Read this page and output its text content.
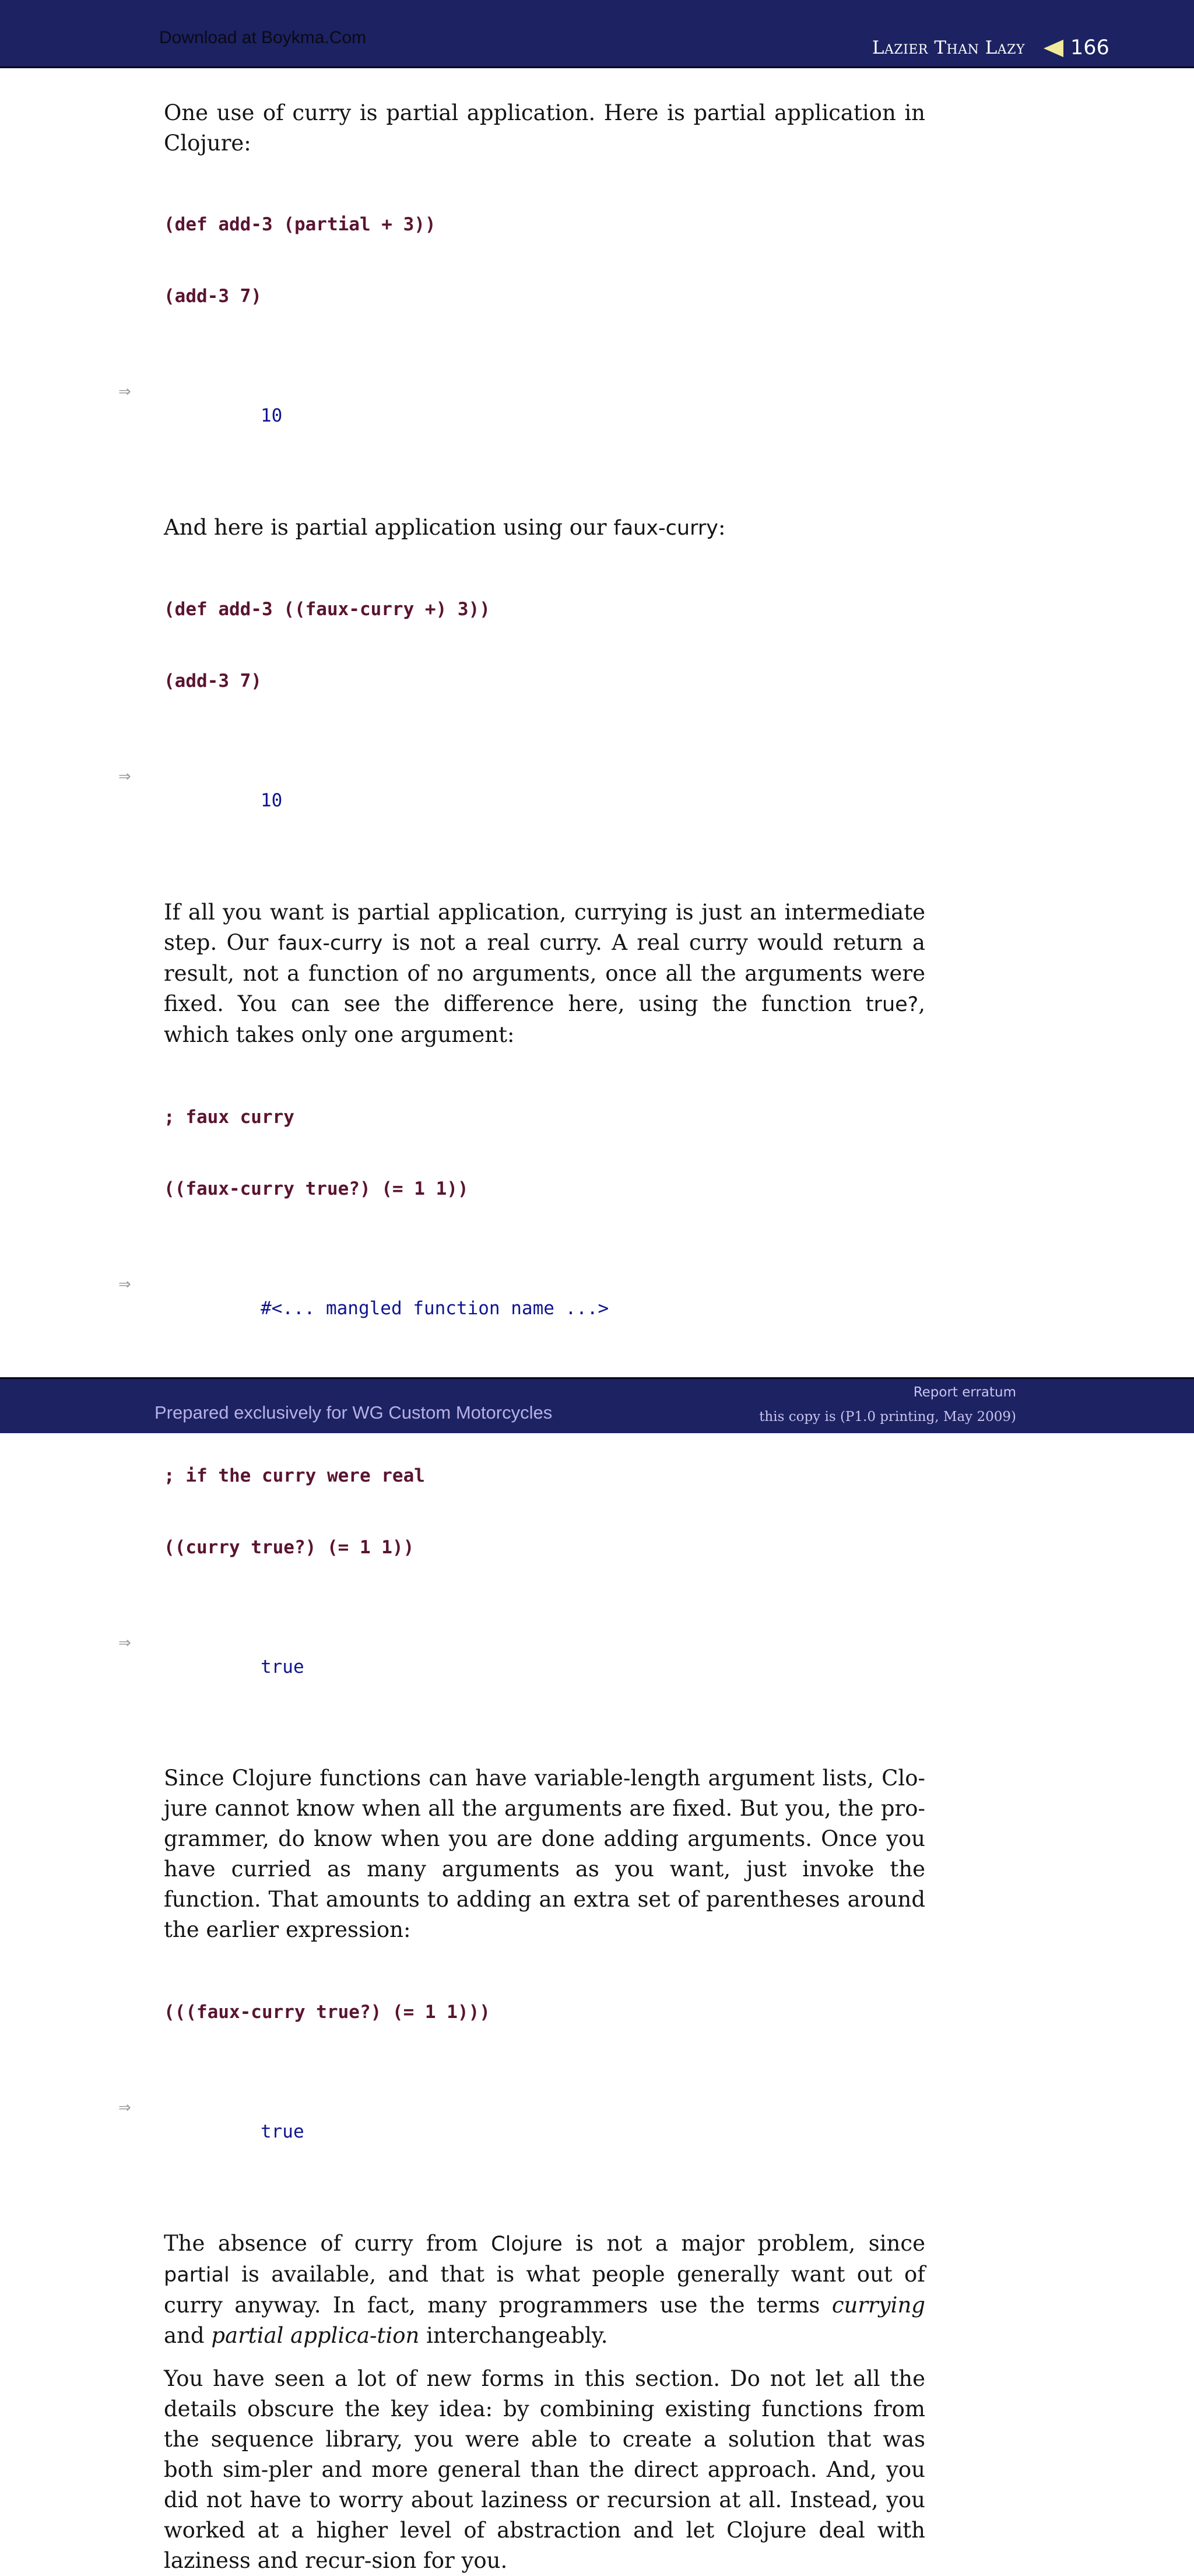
Download at Boykma.Com	Lazier Than Lazy 166

One use of curry is partial application. Here is partial application in Clojure:

(def add-3 (partial + 3))

(add-3 7)

⇒

10

And here is partial application using our faux-curry:

(def add-3 ((faux-curry +) 3))

(add-3 7)

⇒

10

If all you want is partial application, currying is just an intermediate step. Our faux-curry is not a real curry. A real curry would return a result, not a function of no arguments, once all the arguments were fixed. You can see the difference here, using the function true?, which takes only one argument:

; faux curry

((faux-curry true?) (= 1 1))

⇒

#<... mangled function name ...>

; if the curry were real

((curry true?) (= 1 1))

⇒

true

Since Clojure functions can have variable-length argument lists, Clo-jure cannot know when all the arguments are fixed. But you, the pro-grammer, do know when you are done adding arguments. Once you have curried as many arguments as you want, just invoke the function. That amounts to adding an extra set of parentheses around the earlier expression:

(((faux-curry true?) (= 1 1)))

⇒

true

The absence of curry from Clojure is not a major problem, since partial is available, and that is what people generally want out of curry anyway. In fact, many programmers use the terms currying and partial applica-tion interchangeably.

You have seen a lot of new forms in this section. Do not let all the details obscure the key idea: by combining existing functions from the sequence library, you were able to create a solution that was both sim-pler and more general than the direct approach. And, you did not have to worry about laziness or recursion at all. Instead, you worked at a higher level of abstraction and let Clojure deal with laziness and recur-sion for you.

Prepared exclusively for WG Custom Motorcycles
Report erratum
this copy is (P1.0 printing, May 2009)
